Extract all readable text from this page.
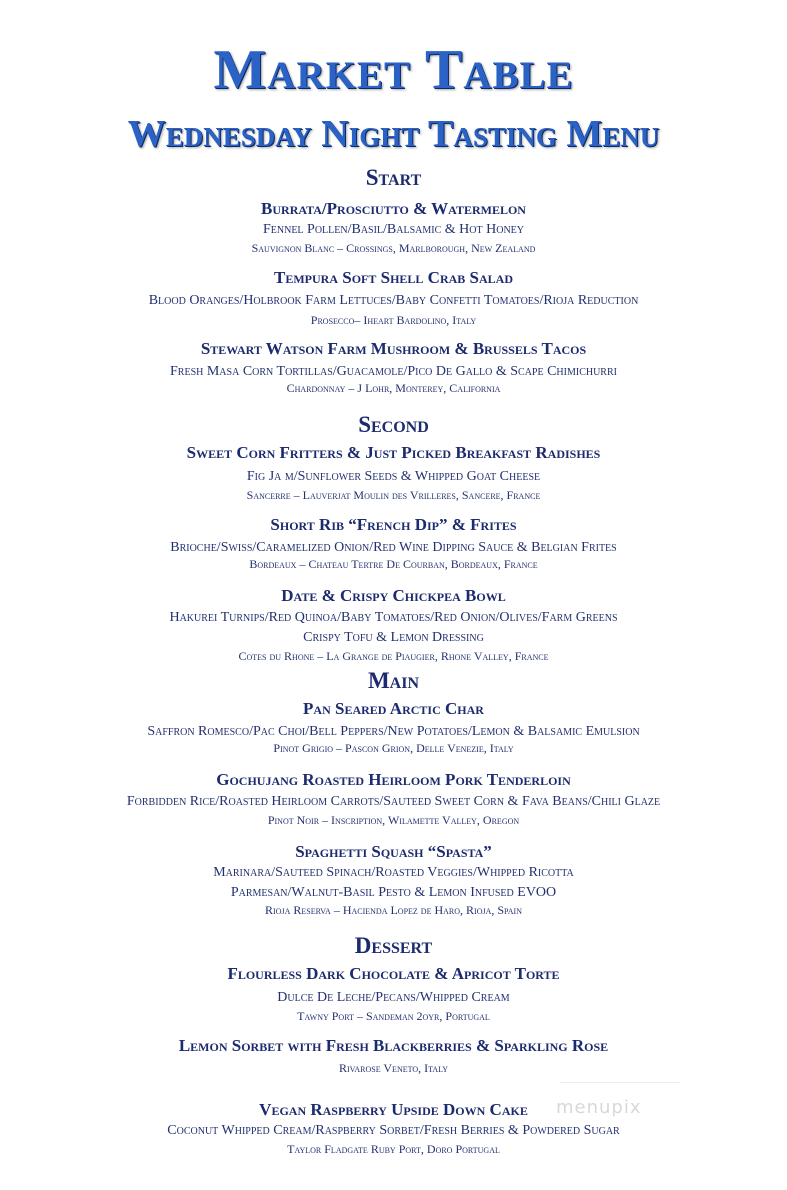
Market Table
Wednesday Night Tasting Menu
Start
Burrata/Prosciutto & Watermelon
Fennel Pollen/Basil/Balsamic & Hot Honey
Sauvignon Blanc – Crossings, Marlborough, New Zealand
Tempura Soft Shell Crab Salad
Blood Oranges/Holbrook Farm Lettuces/Baby Confetti Tomatoes/Rioja Reduction
Prosecco– Iheart Bardolino, Italy
Stewart Watson Farm Mushroom & Brussels Tacos
Fresh Masa Corn Tortillas/Guacamole/Pico De Gallo & Scape Chimichurri
Chardonnay – J Lohr, Monterey, California
Second
Sweet Corn Fritters & Just Picked Breakfast Radishes
Fig Ja m/Sunflower Seeds & Whipped Goat Cheese
Sancerre – Lauverjat Moulin des Vrilleres, Sancere, France
Short Rib “French Dip” & Frites
Brioche/Swiss/Caramelized Onion/Red Wine Dipping Sauce & Belgian Frites
Bordeaux – Chateau Tertre De Courban, Bordeaux, France
Date & Crispy Chickpea Bowl
Hakurei Turnips/Red Quinoa/Baby Tomatoes/Red Onion/Olives/Farm Greens
Crispy Tofu & Lemon Dressing
Cotes du Rhone – La Grange de Piaugier, Rhone Valley, France
Main
Pan Seared Arctic Char
Saffron Romesco/Pac Choi/Bell Peppers/New Potatoes/Lemon & Balsamic Emulsion
Pinot Grigio – Pascon Grion, Delle Venezie, Italy
Gochujang Roasted Heirloom Pork Tenderloin
Forbidden Rice/Roasted Heirloom Carrots/Sauteed Sweet Corn & Fava Beans/Chili Glaze
Pinot Noir – Inscription, Wilamette Valley, Oregon
Spaghetti Squash “Spasta”
Marinara/Sauteed Spinach/Roasted Veggies/Whipped Ricotta
Parmesan/Walnut-Basil Pesto & Lemon Infused EVOO
Rioja Reserva – Hacienda Lopez de Haro, Rioja, Spain
Dessert
Flourless Dark Chocolate & Apricot Torte
Dulce De Leche/Pecans/Whipped Cream
Tawny Port – Sandeman 2oyr, Portugal
Lemon Sorbet with Fresh Blackberries & Sparkling Rose
Rivarose Veneto, Italy
Vegan Raspberry Upside Down Cake
Coconut Whipped Cream/Raspberry Sorbet/Fresh Berries & Powdered Sugar
Taylor Fladgate Ruby Port, Doro Portugal
menupix
